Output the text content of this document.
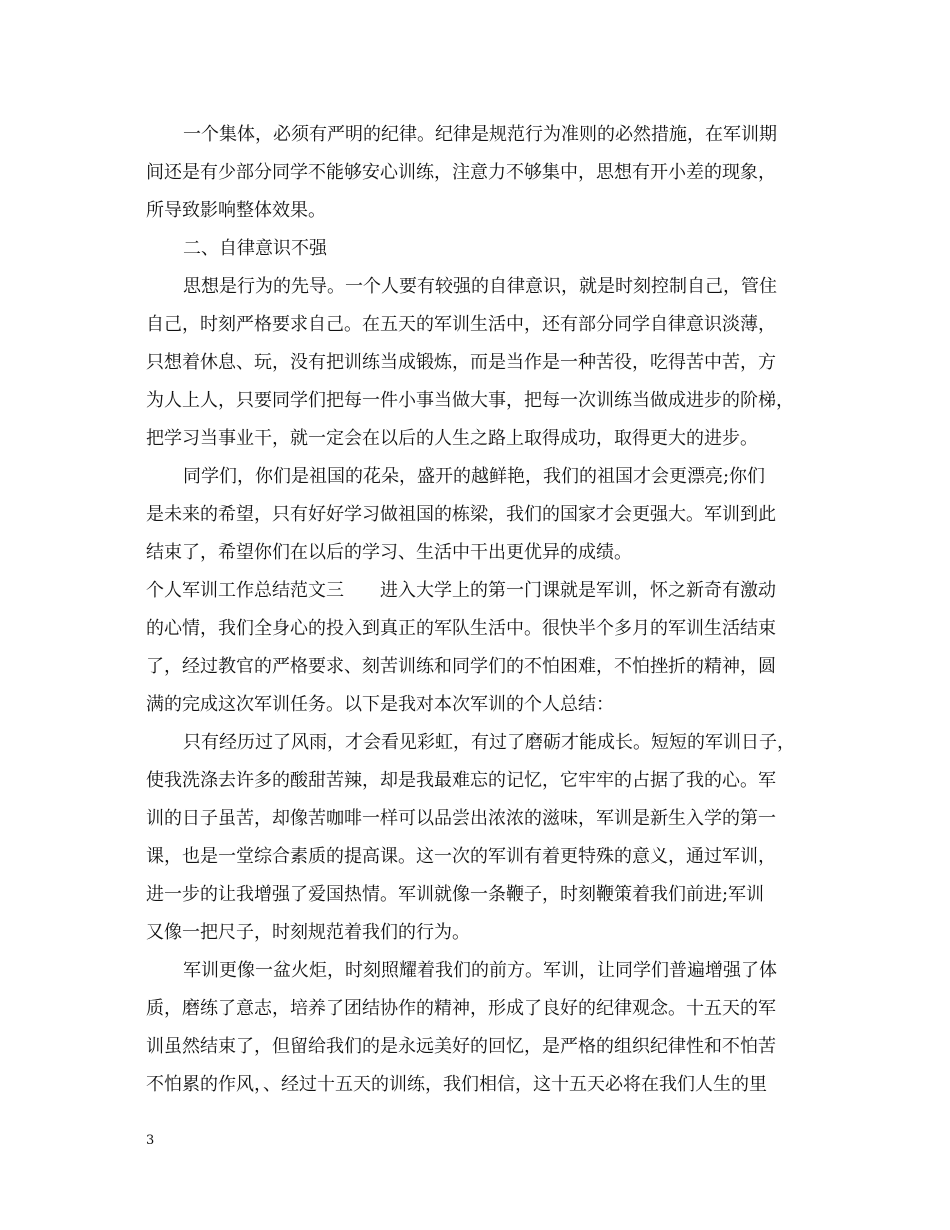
一个集体，必须有严明的纪律。纪律是规范行为准则的必然措施，在军训期
间还是有少部分同学不能够安心训练，注意力不够集中，思想有开小差的现象，
所导致影响整体效果。
二、自律意识不强
思想是行为的先导。一个人要有较强的自律意识，就是时刻控制自己，管住
自己，时刻严格要求自己。在五天的军训生活中，还有部分同学自律意识淡薄，
只想着休息、玩，没有把训练当成锻炼，而是当作是一种苦役，吃得苦中苦，方
为人上人，只要同学们把每一件小事当做大事，把每一次训练当做成进步的阶梯，
把学习当事业干，就一定会在以后的人生之路上取得成功，取得更大的进步。
同学们，你们是祖国的花朵，盛开的越鲜艳，我们的祖国才会更漂亮;你们
是未来的希望，只有好好学习做祖国的栋梁，我们的国家才会更强大。军训到此
结束了，希望你们在以后的学习、生活中干出更优异的成绩。
个人军训工作总结范文三　　进入大学上的第一门课就是军训，怀之新奇有激动
的心情，我们全身心的投入到真正的军队生活中。很快半个多月的军训生活结束
了，经过教官的严格要求、刻苦训练和同学们的不怕困难，不怕挫折的精神，圆
满的完成这次军训任务。以下是我对本次军训的个人总结：
只有经历过了风雨，才会看见彩虹，有过了磨砺才能成长。短短的军训日子，
使我洗涤去许多的酸甜苦辣，却是我最难忘的记忆，它牢牢的占据了我的心。军
训的日子虽苦，却像苦咖啡一样可以品尝出浓浓的滋味，军训是新生入学的第一
课，也是一堂综合素质的提高课。这一次的军训有着更特殊的意义，通过军训，
进一步的让我增强了爱国热情。军训就像一条鞭子，时刻鞭策着我们前进;军训
又像一把尺子，时刻规范着我们的行为。
军训更像一盆火炬，时刻照耀着我们的前方。军训，让同学们普遍增强了体
质，磨练了意志，培养了团结协作的精神，形成了良好的纪律观念。十五天的军
训虽然结束了，但留给我们的是永远美好的回忆，是严格的组织纪律性和不怕苦
不怕累的作风，、经过十五天的训练，我们相信，这十五天必将在我们人生的里
3
